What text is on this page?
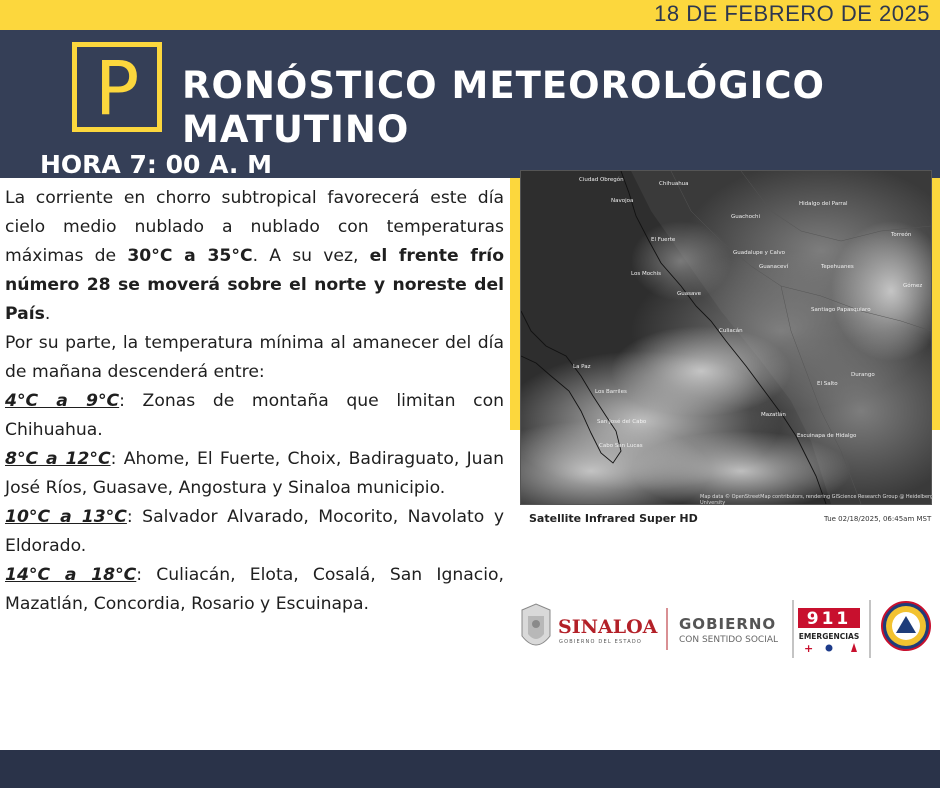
18 DE FEBRERO DE 2025
P	RONÓSTICO METEOROLÓGICO
MATUTINO
HORA 7: 00 A. M

La corriente en chorro subtropical favorecerá este día cielo medio nublado a nublado con temperaturas máximas de 30°C a 35°C. A su vez, el frente frío número 28 se moverá sobre el norte y noreste del País.

Por su parte, la temperatura mínima al amanecer del día de mañana descenderá entre:

4°C a 9°C: Zonas de montaña que limitan con Chihuahua.

8°C a 12°C: Ahome, El Fuerte, Choix, Badiraguato, Juan José Ríos, Guasave, Angostura y Sinaloa municipio.

10°C a 13°C: Salvador Alvarado, Mocorito, Navolato y Eldorado.

14°C a 18°C: Culiacán, Elota, Cosalá, San Ignacio, Mazatlán, Concordia, Rosario y Escuinapa.

Ciudad Obregón
Navojoa
Chihuahua
Guachochi
Hidalgo del Parral
El Fuerte
Los Mochis
Guasave
Guadalupe y Calvo
Guanaceví
Santiago Papasquiaro
Culiacán
Tepehuanes
Torreón
Gómez
Durango
La Paz
Los Barriles
San José del Cabo
Cabo San Lucas
Mazatlán
Escuinapa de Hidalgo
El Salto
Map data © OpenStreetMap contributors, rendering GIScience Research Group @ Heidelberg University
Satellite Infrared Super HD	Tue 02/18/2025, 06:45am MST
SINALOA
GOBIERNO DEL ESTADO
GOBIERNO
CON SENTIDO SOCIAL
911
EMERGENCIAS
+
